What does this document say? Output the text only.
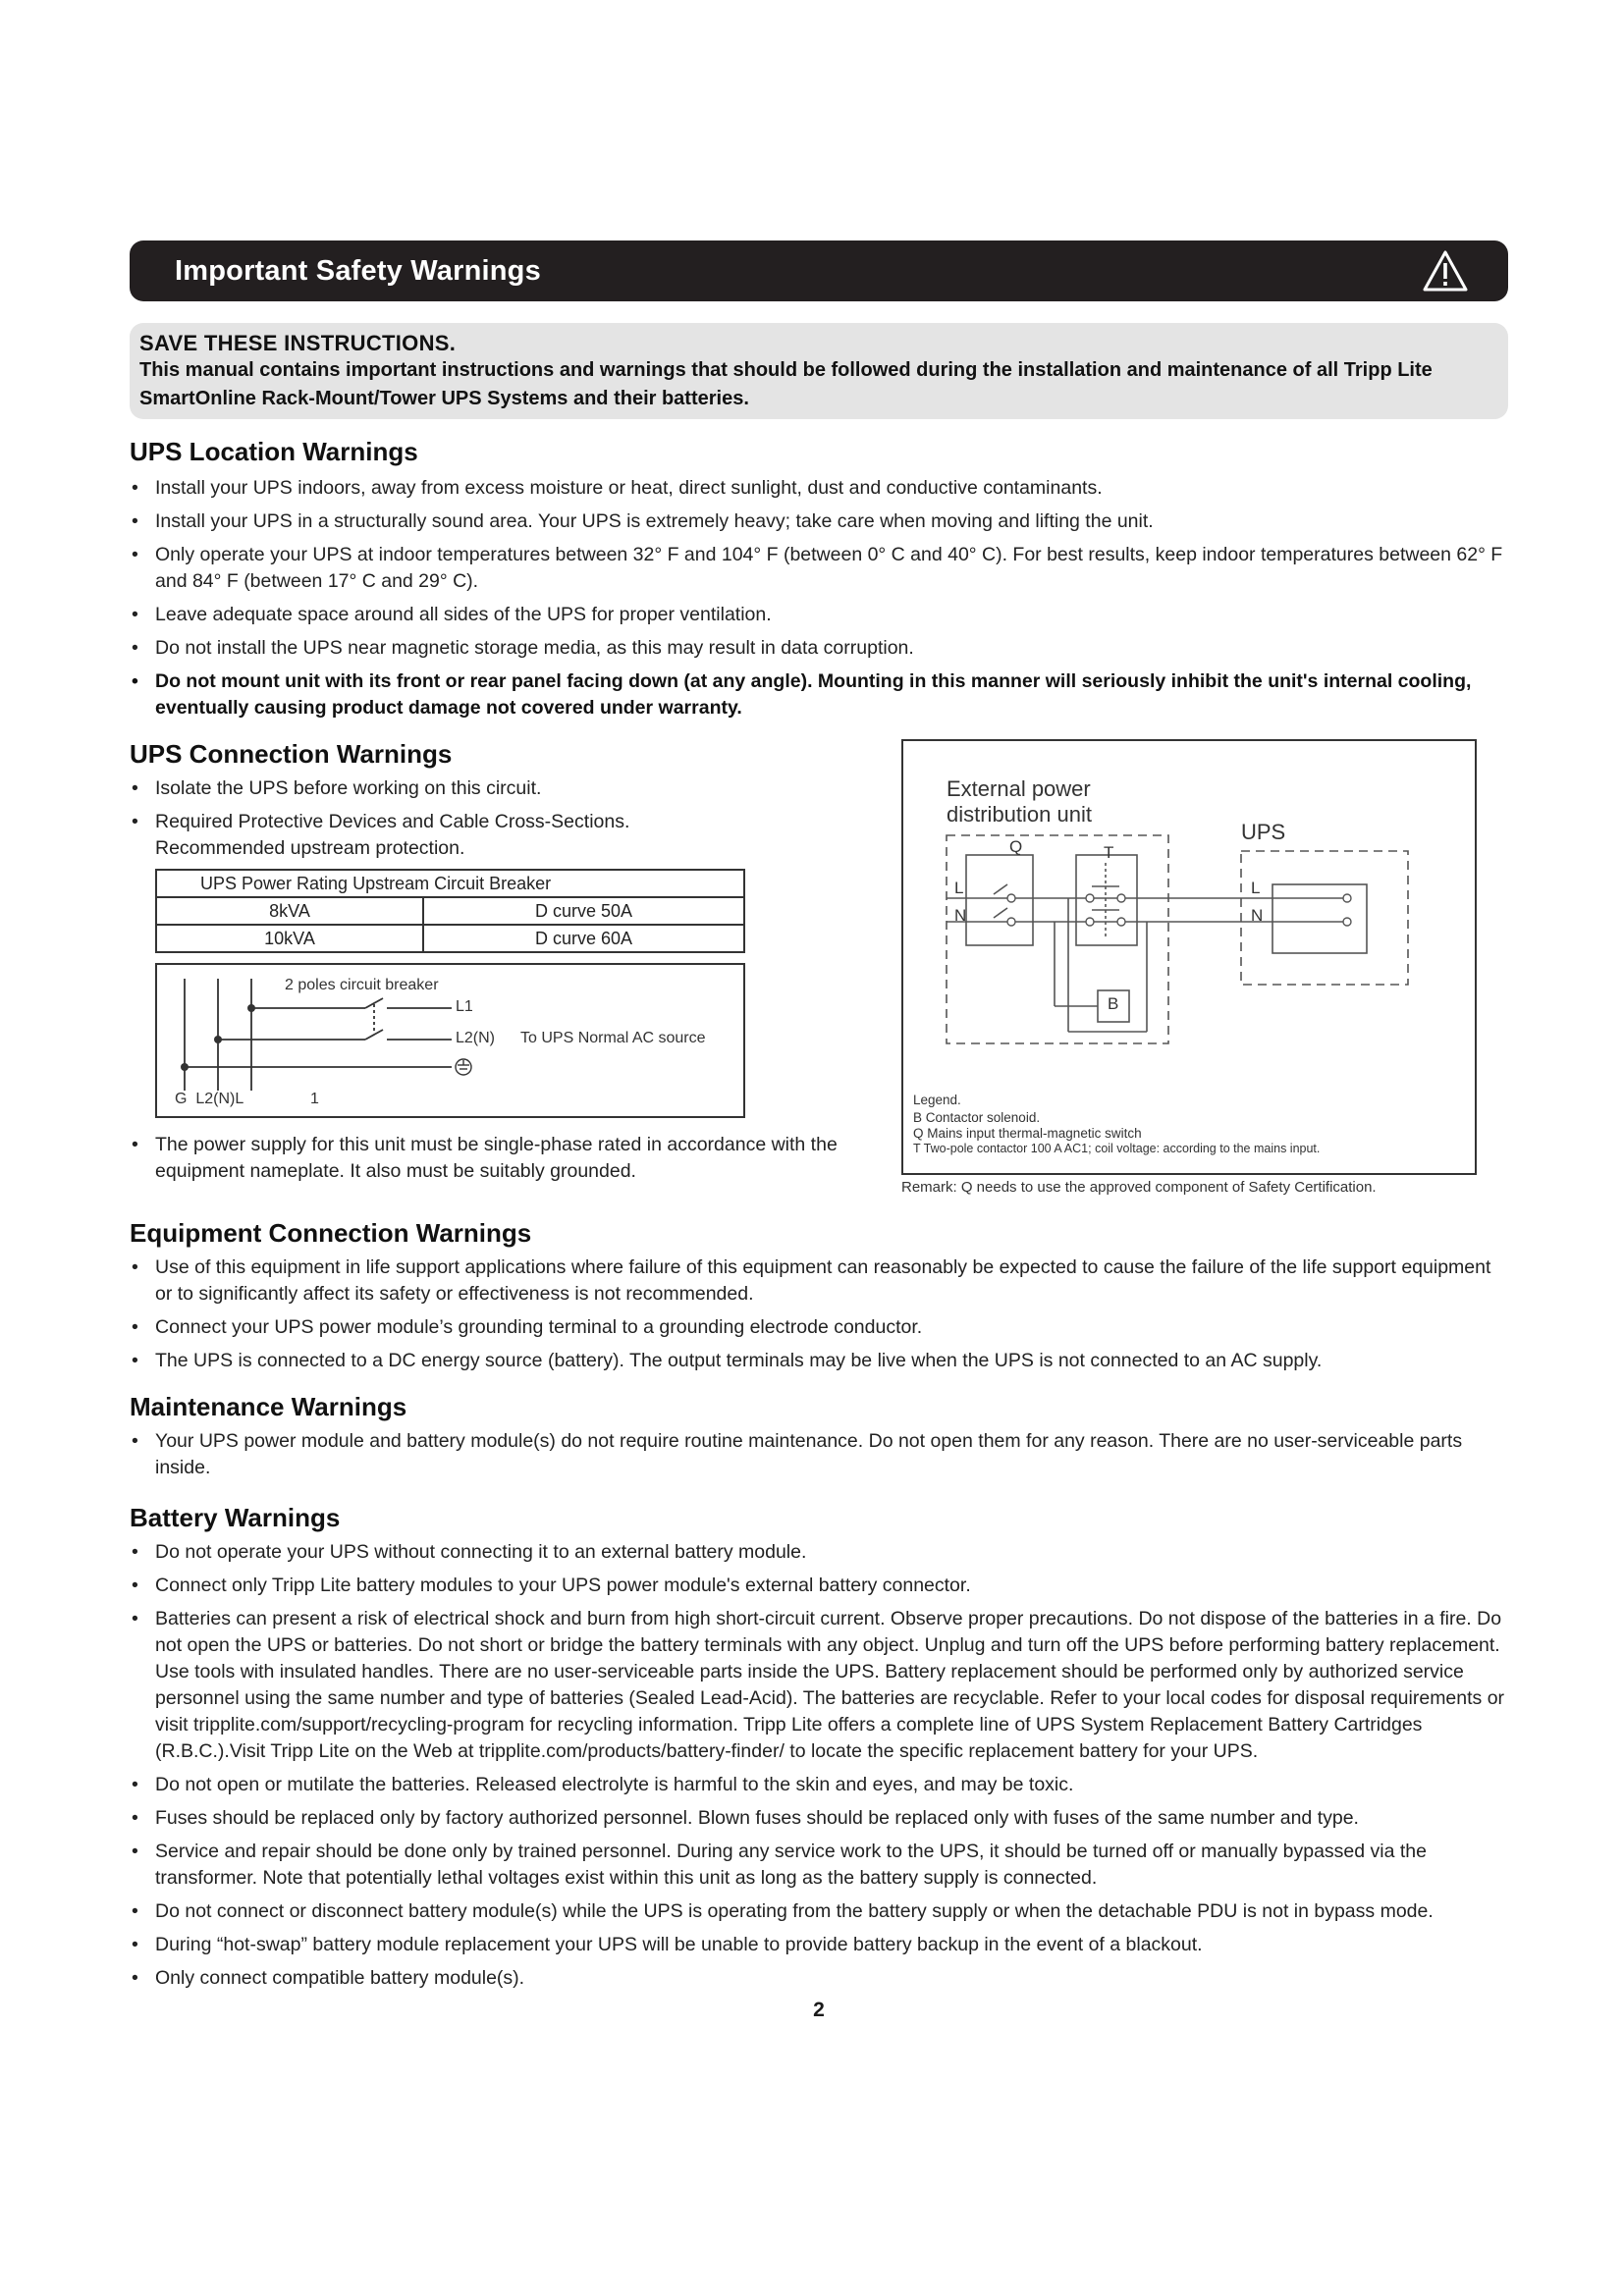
Important Safety Warnings
SAVE THESE INSTRUCTIONS.
This manual contains important instructions and warnings that should be followed during the installation and maintenance of all Tripp Lite SmartOnline Rack-Mount/Tower UPS Systems and their batteries.
UPS Location Warnings
• Install your UPS indoors, away from excess moisture or heat, direct sunlight, dust and conductive contaminants.
• Install your UPS in a structurally sound area. Your UPS is extremely heavy; take care when moving and lifting the unit.
• Only operate your UPS at indoor temperatures between 32° F and 104° F (between 0° C and 40° C). For best results, keep indoor temperatures between 62° F and 84° F (between 17° C and 29° C).
• Leave adequate space around all sides of the UPS for proper ventilation.
• Do not install the UPS near magnetic storage media, as this may result in data corruption.
• Do not mount unit with its front or rear panel facing down (at any angle). Mounting in this manner will seriously inhibit the unit's internal cooling, eventually causing product damage not covered under warranty.
UPS Connection Warnings
• Isolate the UPS before working on this circuit.
• Required Protective Devices and Cable Cross-Sections. Recommended upstream protection.
UPS Power Rating Upstream Circuit Breaker	
8kVA	D curve 50A
10kVA	D curve 60A
2 poles circuit breaker
L1
L2(N) To UPS Normal AC source
G  L2(N)L	1
• The power supply for this unit must be single-phase rated in accordance with the equipment nameplate. It also must be suitably grounded.
External power
distribution unit
UPS
Q	T
B
L
N
L
N
Legend.
B Contactor solenoid.
Q Mains input thermal-magnetic switch
T Two-pole contactor 100 A AC1; coil voltage: according to the mains input.
Remark: Q needs to use the approved component of Safety Certification.
Equipment Connection Warnings
• Use of this equipment in life support applications where failure of this equipment can reasonably be expected to cause the failure of the life support equipment or to significantly affect its safety or effectiveness is not recommended.
• Connect your UPS power module’s grounding terminal to a grounding electrode conductor.
• The UPS is connected to a DC energy source (battery). The output terminals may be live when the UPS is not connected to an AC supply.
Maintenance Warnings
• Your UPS power module and battery module(s) do not require routine maintenance. Do not open them for any reason. There are no user-serviceable parts inside.
Battery Warnings
• Do not operate your UPS without connecting it to an external battery module.
• Connect only Tripp Lite battery modules to your UPS power module's external battery connector.
• Batteries can present a risk of electrical shock and burn from high short-circuit current. Observe proper precautions. Do not dispose of the batteries in a fire. Do not open the UPS or batteries. Do not short or bridge the battery terminals with any object. Unplug and turn off the UPS before performing battery replacement. Use tools with insulated handles. There are no user-serviceable parts inside the UPS. Battery replacement should be performed only by authorized service personnel using the same number and type of batteries (Sealed Lead-Acid). The batteries are recyclable. Refer to your local codes for disposal requirements or visit tripplite.com/support/recycling-program for recycling information. Tripp Lite offers a complete line of UPS System Replacement Battery Cartridges (R.B.C.).Visit Tripp Lite on the Web at tripplite.com/products/battery-finder/ to locate the specific replacement battery for your UPS.
• Do not open or mutilate the batteries. Released electrolyte is harmful to the skin and eyes, and may be toxic.
• Fuses should be replaced only by factory authorized personnel. Blown fuses should be replaced only with fuses of the same number and type.
• Service and repair should be done only by trained personnel. During any service work to the UPS, it should be turned off or manually bypassed via the transformer. Note that potentially lethal voltages exist within this unit as long as the battery supply is connected.
• Do not connect or disconnect battery module(s) while the UPS is operating from the battery supply or when the detachable PDU is not in bypass mode.
• During “hot-swap” battery module replacement your UPS will be unable to provide battery backup in the event of a blackout.
• Only connect compatible battery module(s).
2
